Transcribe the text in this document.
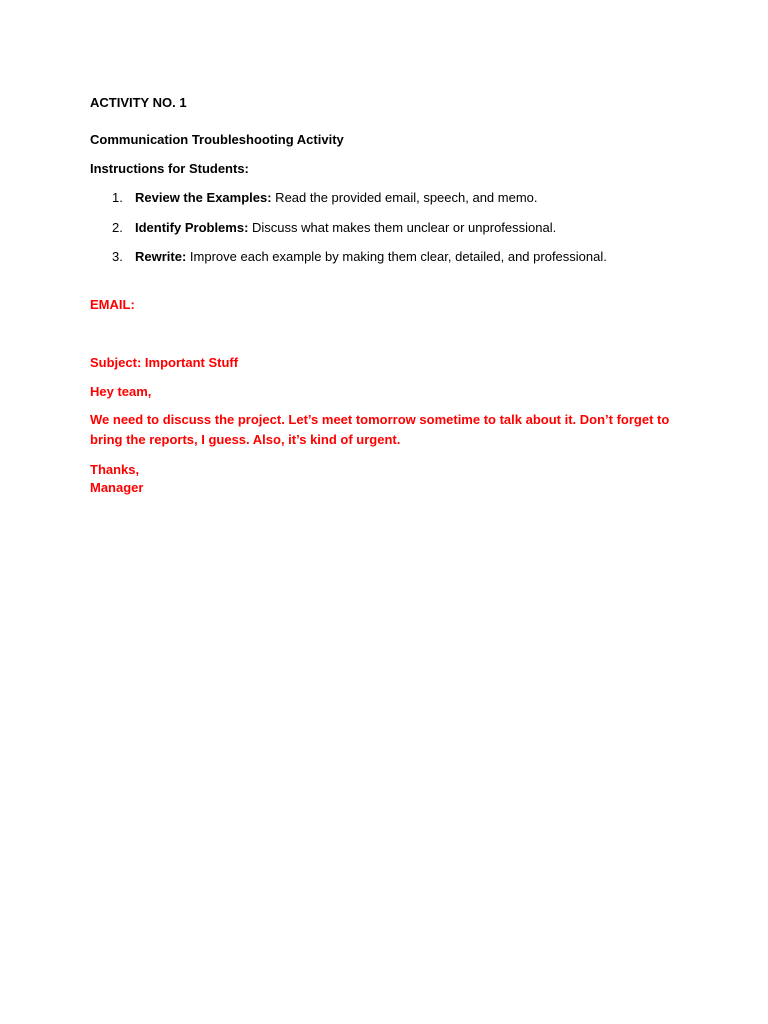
ACTIVITY NO. 1
Communication Troubleshooting Activity
Instructions for Students:
1. Review the Examples: Read the provided email, speech, and memo.
2. Identify Problems: Discuss what makes them unclear or unprofessional.
3. Rewrite: Improve each example by making them clear, detailed, and professional.
EMAIL:
Subject: Important Stuff
Hey team,
We need to discuss the project. Let’s meet tomorrow sometime to talk about it. Don’t forget to bring the reports, I guess. Also, it’s kind of urgent.
Thanks,
Manager
